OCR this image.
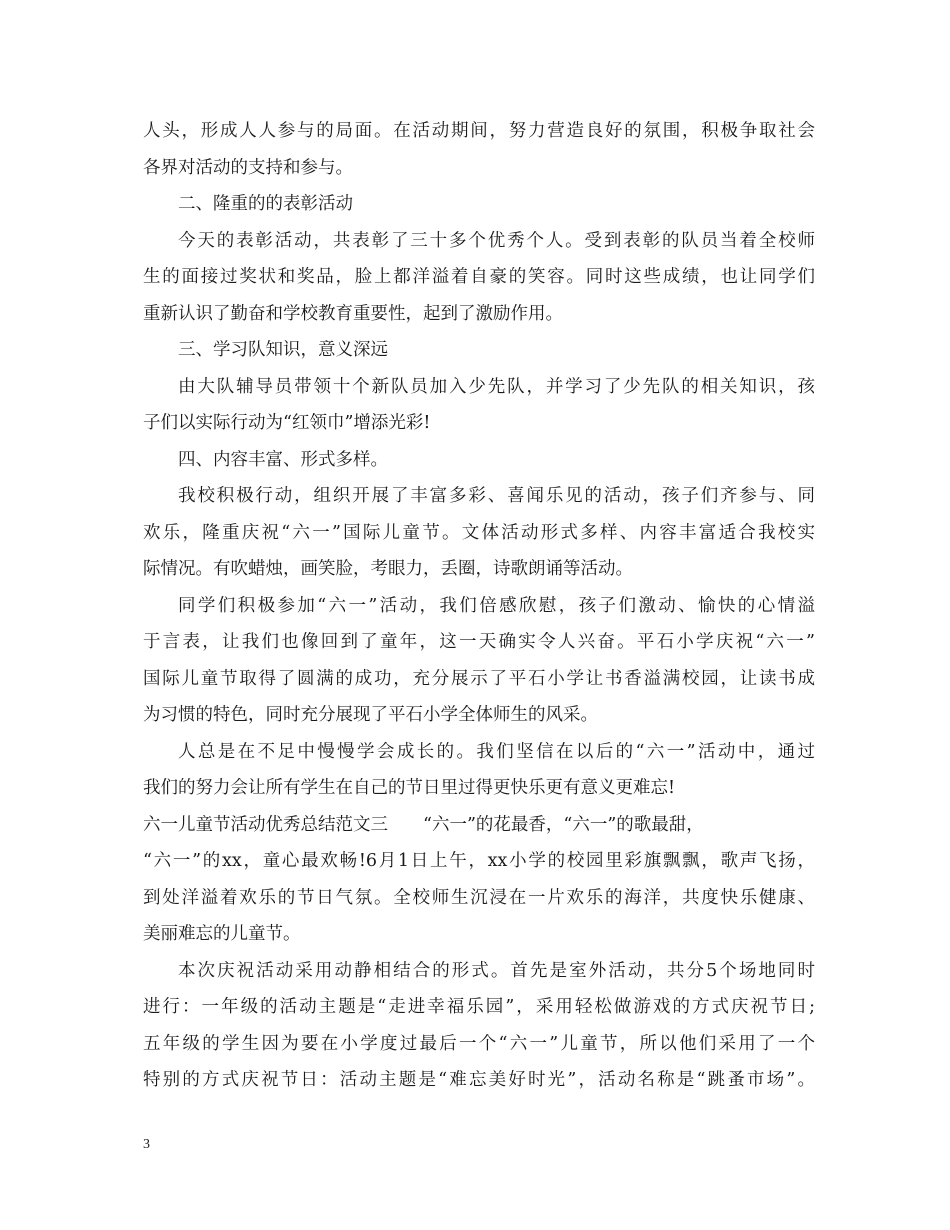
人头，形成人人参与的局面。在活动期间，努力营造良好的氛围，积极争取社会
各界对活动的支持和参与。
二、隆重的的表彰活动
今天的表彰活动，共表彰了三十多个优秀个人。受到表彰的队员当着全校师
生的面接过奖状和奖品，脸上都洋溢着自豪的笑容。同时这些成绩，也让同学们
重新认识了勤奋和学校教育重要性，起到了激励作用。
三、学习队知识，意义深远
由大队辅导员带领十个新队员加入少先队，并学习了少先队的相关知识，孩
子们以实际行动为“红领巾”增添光彩!
四、内容丰富、形式多样。
我校积极行动，组织开展了丰富多彩、喜闻乐见的活动，孩子们齐参与、同
欢乐，隆重庆祝“六一”国际儿童节。文体活动形式多样、内容丰富适合我校实
际情况。有吹蜡烛，画笑脸，考眼力，丢圈，诗歌朗诵等活动。
同学们积极参加“六一”活动，我们倍感欣慰，孩子们激动、愉快的心情溢
于言表，让我们也像回到了童年，这一天确实令人兴奋。平石小学庆祝“六一”
国际儿童节取得了圆满的成功，充分展示了平石小学让书香溢满校园，让读书成
为习惯的特色，同时充分展现了平石小学全体师生的风采。
人总是在不足中慢慢学会成长的。我们坚信在以后的“六一”活动中，通过
我们的努力会让所有学生在自己的节日里过得更快乐更有意义更难忘!
六一儿童节活动优秀总结范文三　　“六一”的花最香，“六一”的歌最甜，
“六一”的xx，童心最欢畅!6月1日上午，xx小学的校园里彩旗飘飘，歌声飞扬，
到处洋溢着欢乐的节日气氛。全校师生沉浸在一片欢乐的海洋，共度快乐健康、
美丽难忘的儿童节。
本次庆祝活动采用动静相结合的形式。首先是室外活动，共分5个场地同时
进行：一年级的活动主题是“走进幸福乐园”，采用轻松做游戏的方式庆祝节日;
五年级的学生因为要在小学度过最后一个“六一”儿童节，所以他们采用了一个
特别的方式庆祝节日：活动主题是“难忘美好时光”，活动名称是“跳蚤市场”。
3
